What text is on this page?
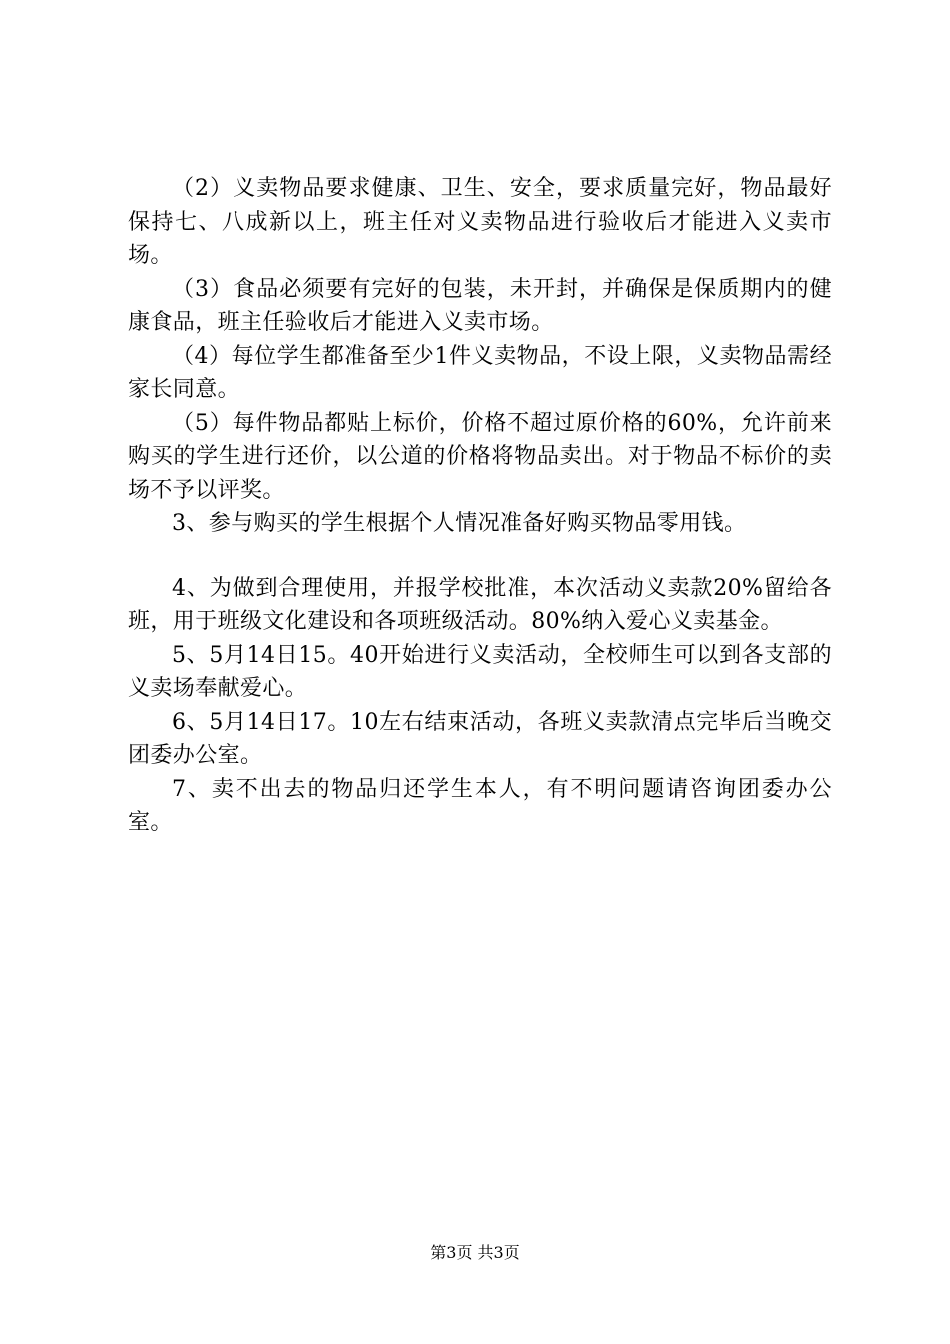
（2）义卖物品要求健康、卫生、安全，要求质量完好，物品最好保持七、八成新以上，班主任对义卖物品进行验收后才能进入义卖市场。

（3）食品必须要有完好的包装，未开封，并确保是保质期内的健康食品，班主任验收后才能进入义卖市场。

（4）每位学生都准备至少1件义卖物品，不设上限，义卖物品需经家长同意。

（5）每件物品都贴上标价，价格不超过原价格的60%，允许前来购买的学生进行还价，以公道的价格将物品卖出。对于物品不标价的卖场不予以评奖。

3、参与购买的学生根据个人情况准备好购买物品零用钱。

4、为做到合理使用，并报学校批准，本次活动义卖款20%留给各班，用于班级文化建设和各项班级活动。80%纳入爱心义卖基金。

5、5月14日15。40开始进行义卖活动，全校师生可以到各支部的义卖场奉献爱心。

6、5月14日17。10左右结束活动，各班义卖款清点完毕后当晚交团委办公室。

7、卖不出去的物品归还学生本人，有不明问题请咨询团委办公室。

第3页 共3页
